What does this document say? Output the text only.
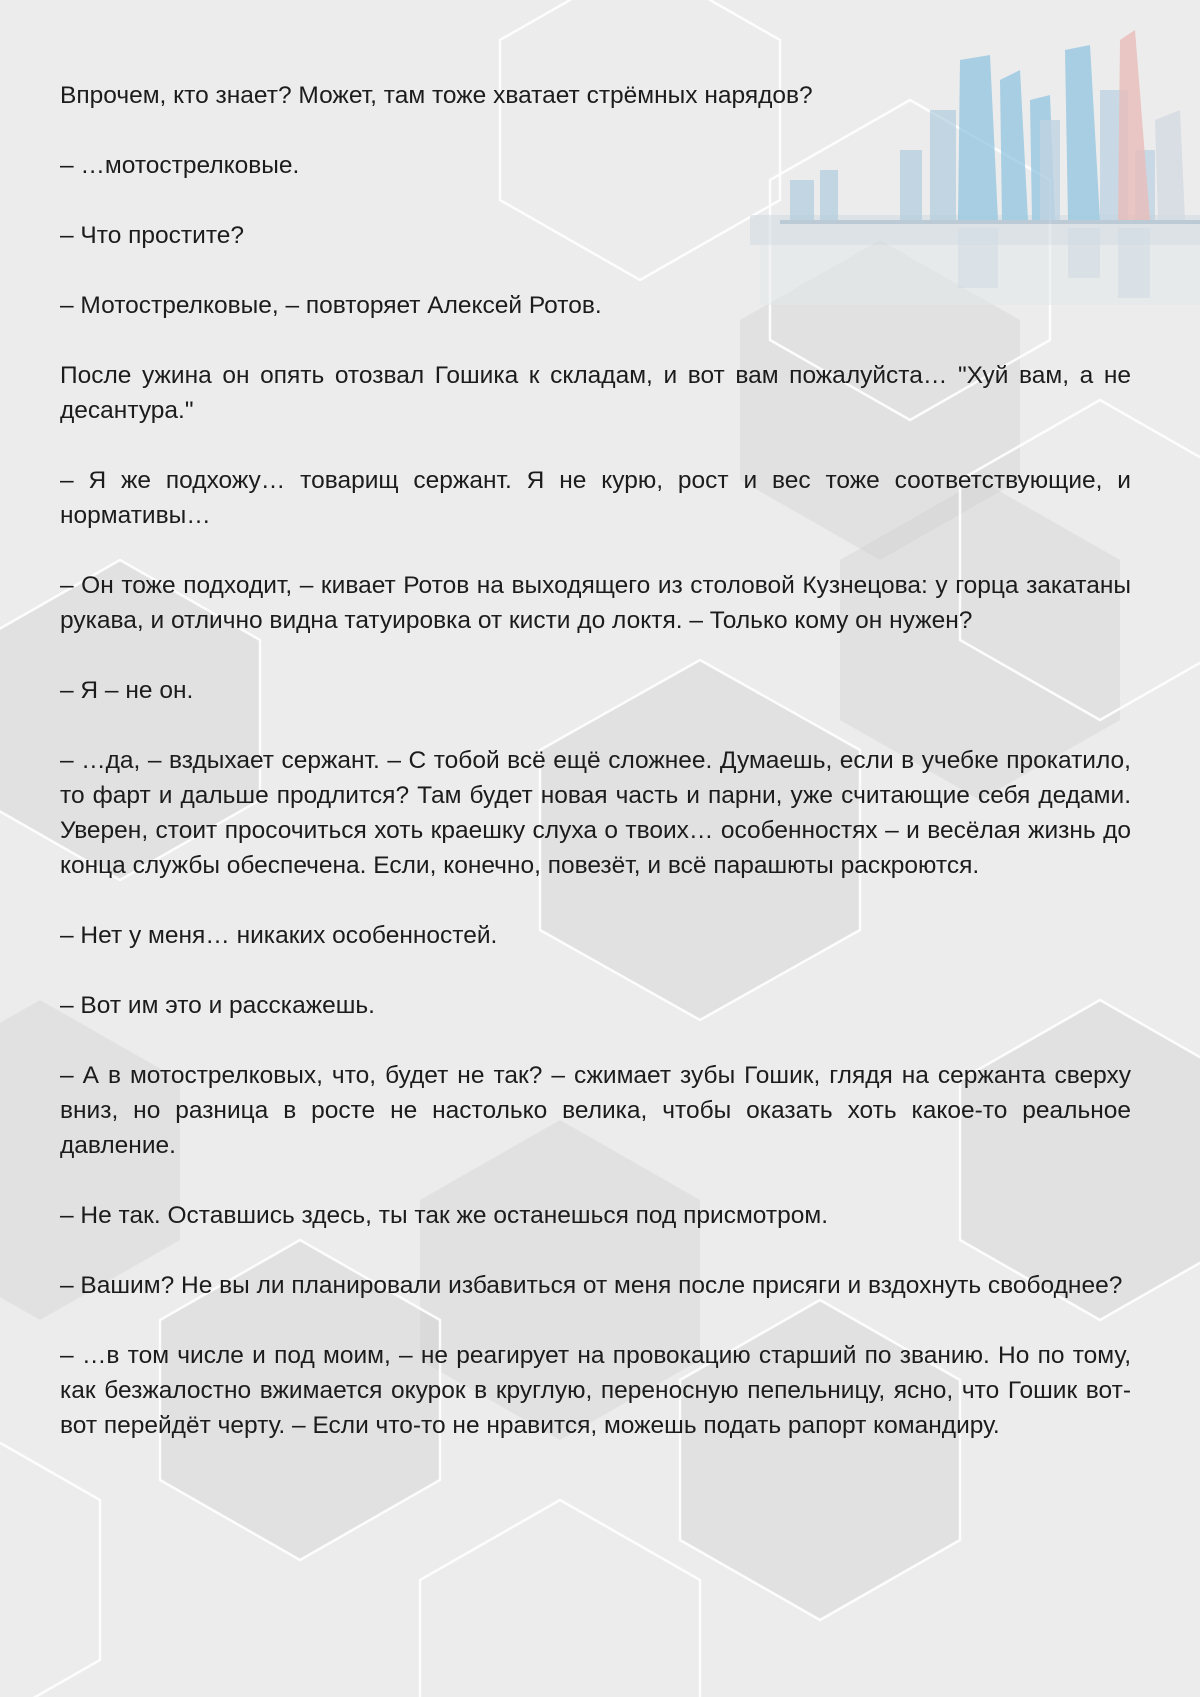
Впрочем, кто знает? Может, там тоже хватает стрёмных нарядов?

– …мотострелковые.

– Что простите?

– Мотострелковые, – повторяет Алексей Ротов.

После ужина он опять отозвал Гошика к складам, и вот вам пожалуйста… "Хуй вам, а не десантура."

– Я же подхожу… товарищ сержант. Я не курю, рост и вес тоже соответствующие, и нормативы…

– Он тоже подходит, – кивает Ротов на выходящего из столовой Кузнецова: у горца закатаны рукава, и отлично видна татуировка от кисти до локтя. – Только кому он нужен?

– Я – не он.

– …да, – вздыхает сержант. – С тобой всё ещё сложнее. Думаешь, если в учебке прокатило, то фарт и дальше продлится? Там будет новая часть и парни, уже считающие себя дедами. Уверен, стоит просочиться хоть краешку слуха о твоих… особенностях – и весёлая жизнь до конца службы обеспечена. Если, конечно, повезёт, и всё парашюты раскроются.

– Нет у меня… никаких особенностей.

– Вот им это и расскажешь.

– А в мотострелковых, что, будет не так? – сжимает зубы Гошик, глядя на сержанта сверху вниз, но разница в росте не настолько велика, чтобы оказать хоть какое-то реальное давление.

– Не так. Оставшись здесь, ты так же останешься под присмотром.

– Вашим? Не вы ли планировали избавиться от меня после присяги и вздохнуть свободнее?

– …в том числе и под моим, – не реагирует на провокацию старший по званию. Но по тому, как безжалостно вжимается окурок в круглую, переносную пепельницу, ясно, что Гошик вот-вот перейдёт черту. – Если что-то не нравится, можешь подать рапорт командиру.
